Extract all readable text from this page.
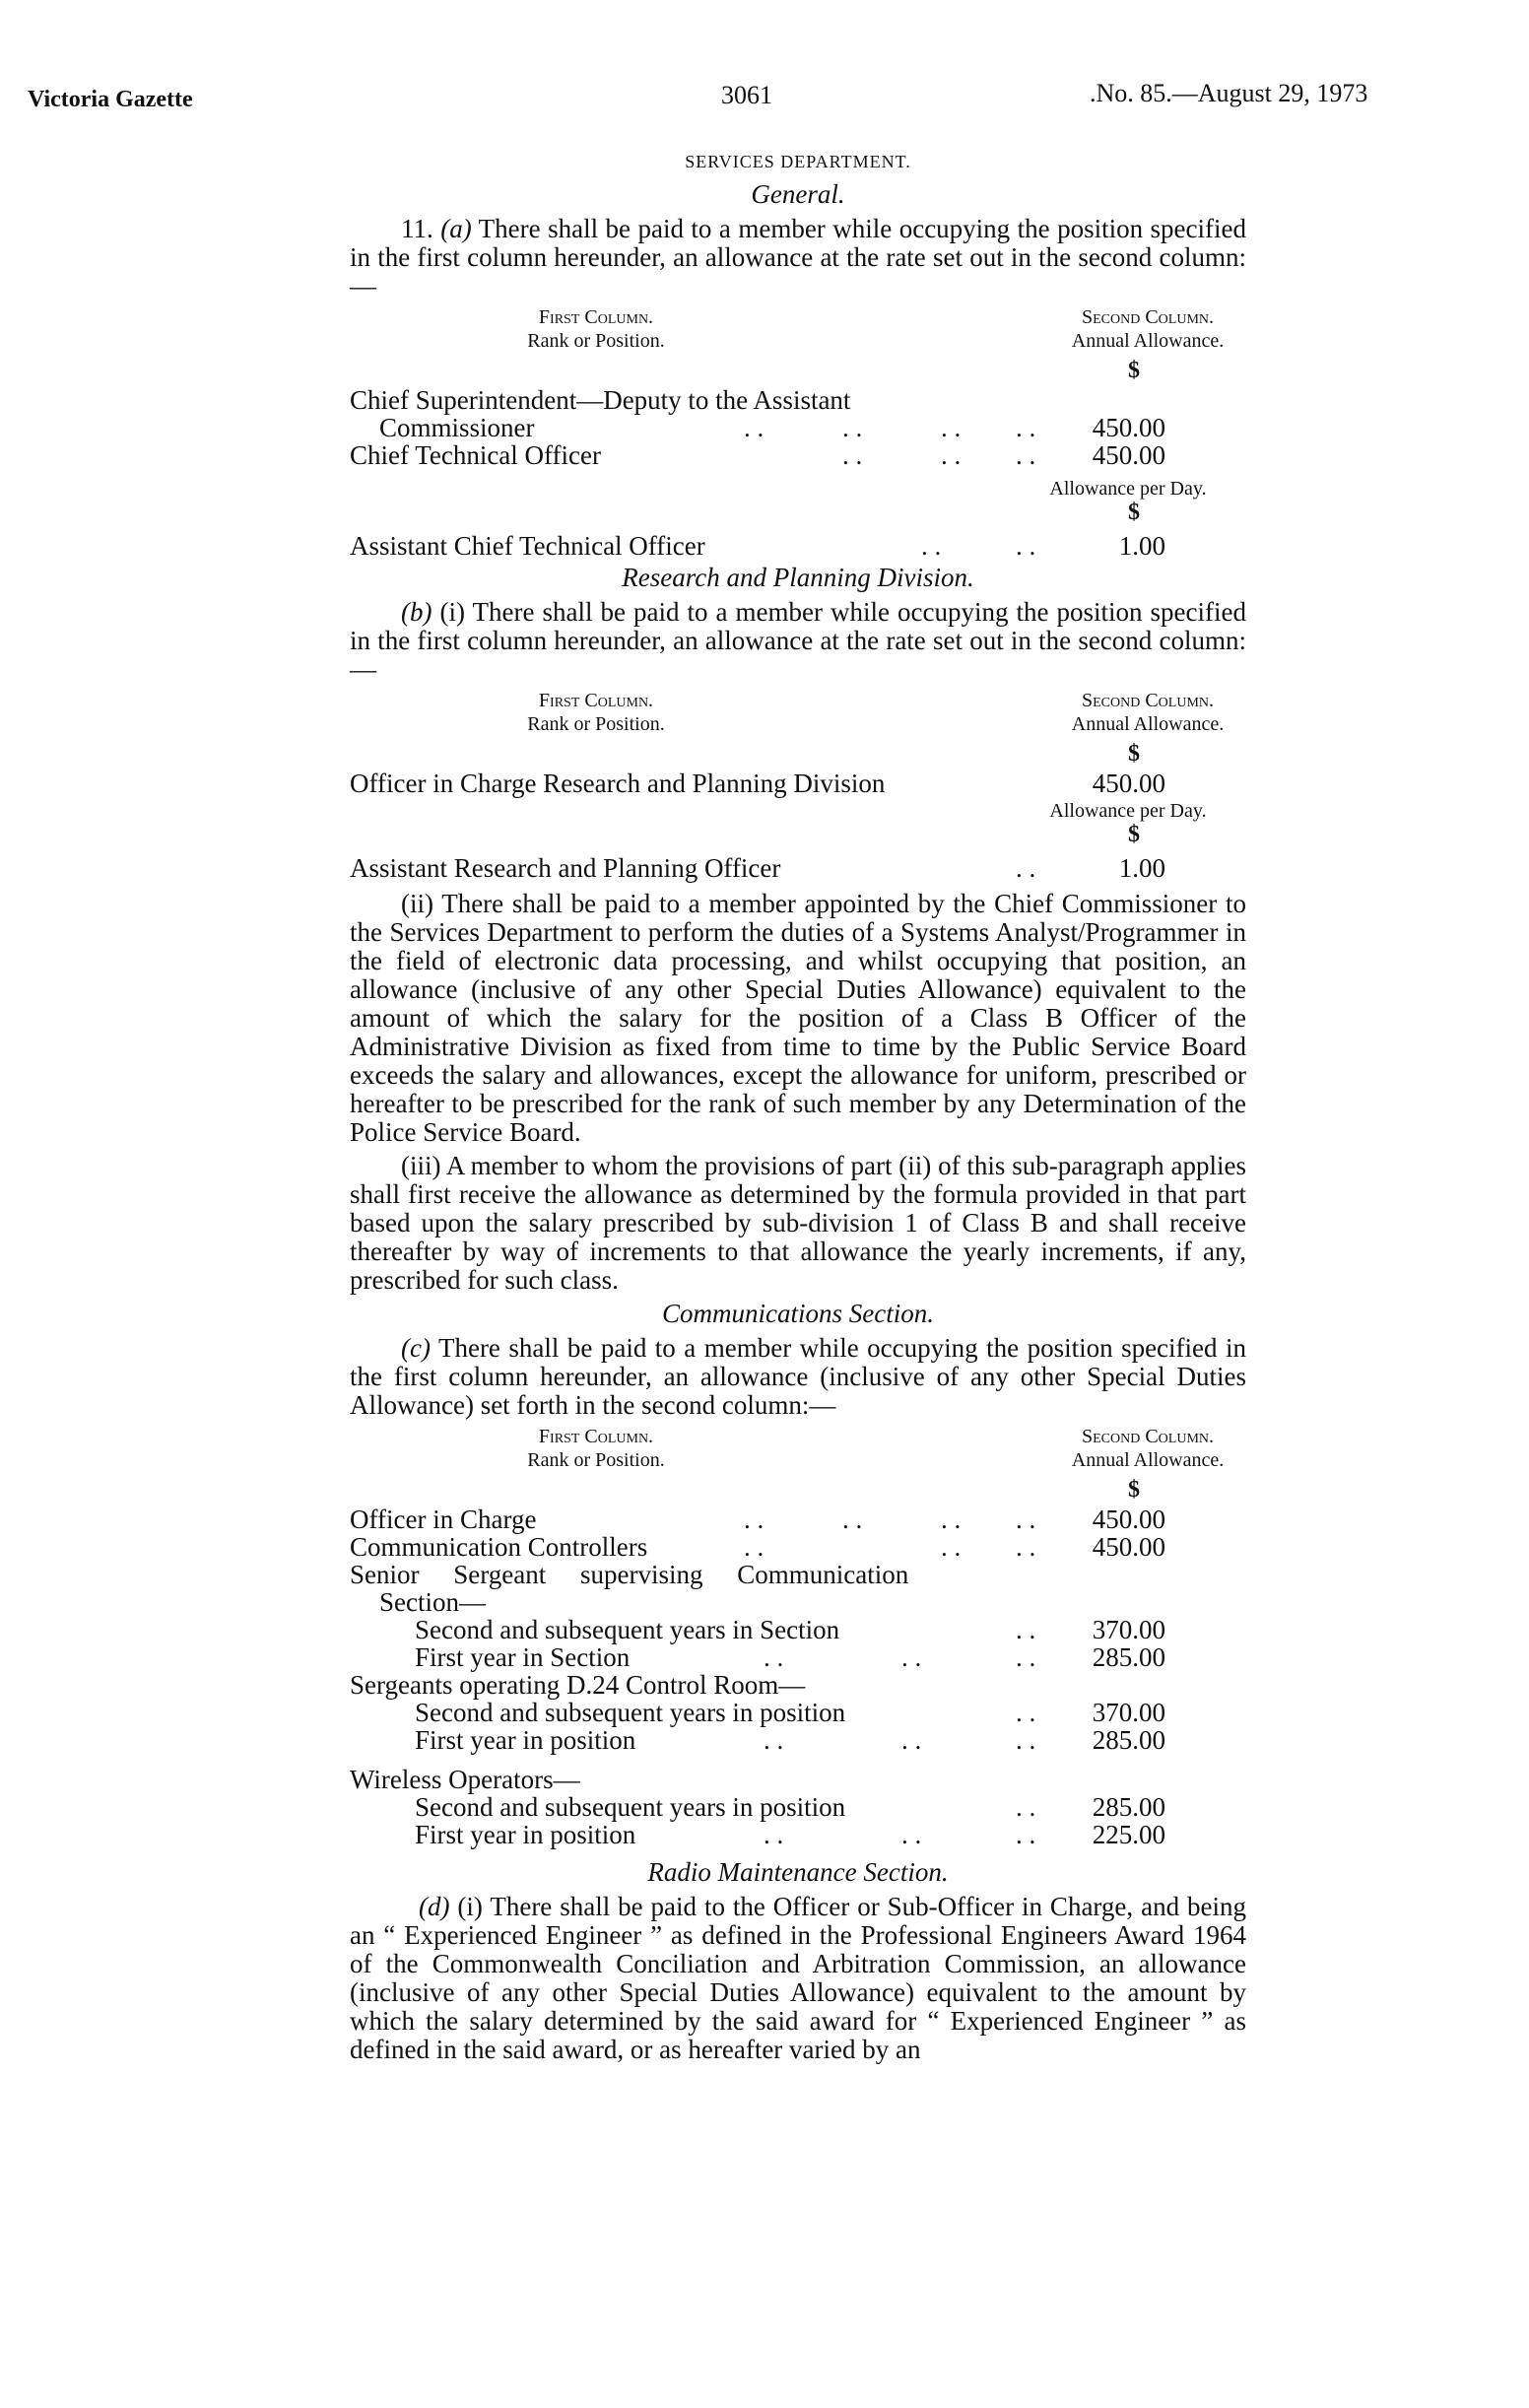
Victoria Gazette	3061	.No. 85.—August 29, 1973
SERVICES DEPARTMENT.
General.

11. (a) There shall be paid to a member while occupying the position specified in the first column hereunder, an allowance at the rate set out in the second column:—

First Column.
Rank or Position.
Second Column.
Annual Allowance.
$
Chief Superintendent—Deputy to the Assistant
Commissioner	. .	. .	. . . .	450.00
Chief Technical Officer	. .	. . . .	450.00
Allowance per Day.
$
Assistant Chief Technical Officer	. .	. .	1.00
Research and Planning Division.

(b) (i) There shall be paid to a member while occupying the position specified in the first column hereunder, an allowance at the rate set out in the second column:—

First Column.
Rank or Position.
Second Column.
Annual Allowance.
$
Officer in Charge Research and Planning Division	450.00
Allowance per Day.
$
Assistant Research and Planning Officer	. .	1.00

(ii) There shall be paid to a member appointed by the Chief Commissioner to the Services Department to perform the duties of a Systems Analyst/Programmer in the field of electronic data processing, and whilst occupying that position, an allowance (inclusive of any other Special Duties Allowance) equivalent to the amount of which the salary for the position of a Class B Officer of the Administrative Division as fixed from time to time by the Public Service Board exceeds the salary and allowances, except the allowance for uniform, prescribed or hereafter to be prescribed for the rank of such member by any Determination of the Police Service Board.

(iii) A member to whom the provisions of part (ii) of this sub-paragraph applies shall first receive the allowance as determined by the formula provided in that part based upon the salary prescribed by sub-division 1 of Class B and shall receive thereafter by way of increments to that allowance the yearly increments, if any, prescribed for such class.

Communications Section.

(c) There shall be paid to a member while occupying the position specified in the first column hereunder, an allowance (inclusive of any other Special Duties Allowance) set forth in the second column:—

First Column.
Rank or Position.
Second Column.
Annual Allowance.
$
Officer in Charge	. .	. .	. . . .	450.00
Communication Controllers	. .	. . . .	450.00
Senior Sergeant supervising Communication
Section—
Second and subsequent years in Section	. .	370.00
First year in Section	. .	. .	. .	285.00
Sergeants operating D.24 Control Room—
Second and subsequent years in position	. .	370.00
First year in position	. .	. .	. .	285.00
Wireless Operators—
Second and subsequent years in position	. .	285.00
First year in position	. .	. .	. .	225.00
Radio Maintenance Section.

(d) (i) There shall be paid to the Officer or Sub-Officer in Charge, and being an “ Experienced Engineer ” as defined in the Professional Engineers Award 1964 of the Commonwealth Conciliation and Arbitration Commission, an allowance (inclusive of any other Special Duties Allowance) equivalent to the amount by which the salary determined by the said award for “ Experienced Engineer ” as defined in the said award, or as hereafter varied by an
